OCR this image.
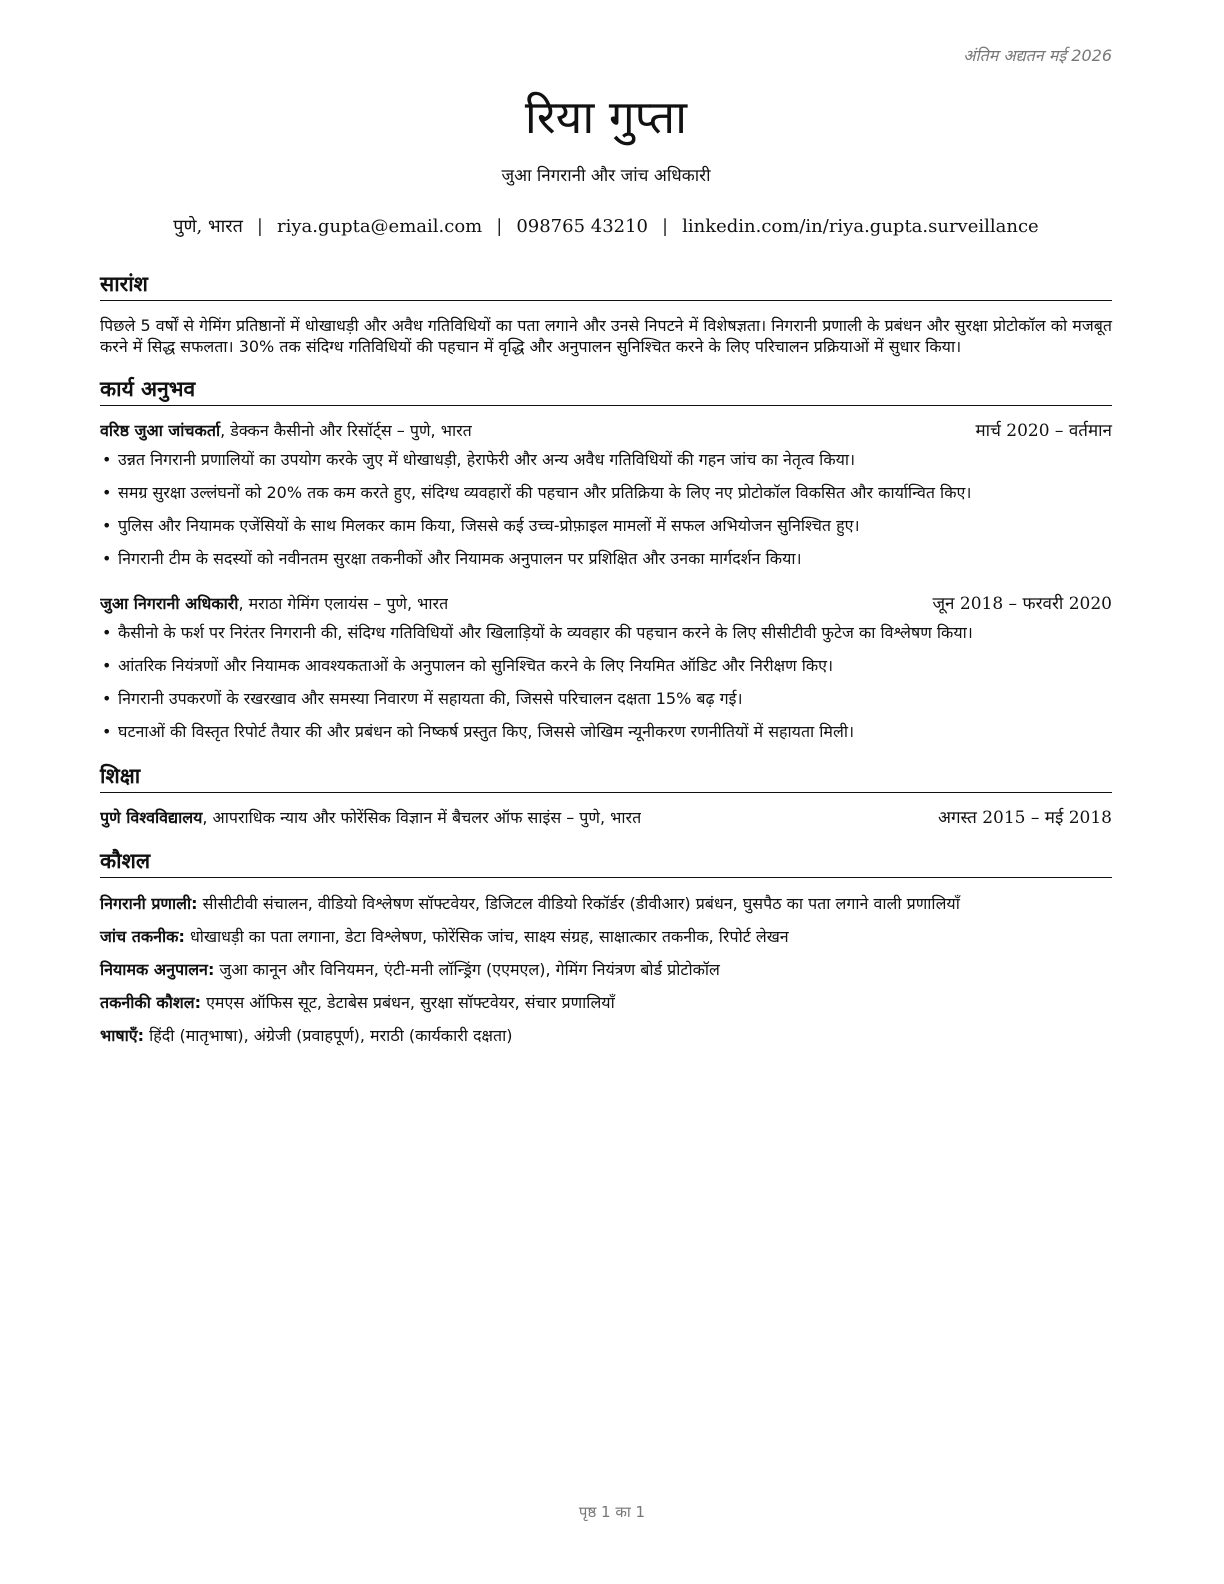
अंतिम अद्यतन मई 2026
रिया गुप्ता
जुआ निगरानी और जांच अधिकारी
पुणे, भारत | riya.gupta@email.com | 098765 43210 | linkedin.com/in/riya.gupta.surveillance
सारांश

पिछले 5 वर्षों से गेमिंग प्रतिष्ठानों में धोखाधड़ी और अवैध गतिविधियों का पता लगाने और उनसे निपटने में विशेषज्ञता। निगरानी प्रणाली के प्रबंधन और सुरक्षा प्रोटोकॉल को मजबूत करने में सिद्ध सफलता। 30% तक संदिग्ध गतिविधियों की पहचान में वृद्धि और अनुपालन सुनिश्चित करने के लिए परिचालन प्रक्रियाओं में सुधार किया।

कार्य अनुभव
वरिष्ठ जुआ जांचकर्ता, डेक्कन कैसीनो और रिसॉर्ट्स – पुणे, भारत	मार्च 2020 – वर्तमान
• उन्नत निगरानी प्रणालियों का उपयोग करके जुए में धोखाधड़ी, हेराफेरी और अन्य अवैध गतिविधियों की गहन जांच का नेतृत्व किया।
• समग्र सुरक्षा उल्लंघनों को 20% तक कम करते हुए, संदिग्ध व्यवहारों की पहचान और प्रतिक्रिया के लिए नए प्रोटोकॉल विकसित और कार्यान्वित किए।
• पुलिस और नियामक एजेंसियों के साथ मिलकर काम किया, जिससे कई उच्च-प्रोफ़ाइल मामलों में सफल अभियोजन सुनिश्चित हुए।
• निगरानी टीम के सदस्यों को नवीनतम सुरक्षा तकनीकों और नियामक अनुपालन पर प्रशिक्षित और उनका मार्गदर्शन किया।
जुआ निगरानी अधिकारी, मराठा गेमिंग एलायंस – पुणे, भारत	जून 2018 – फरवरी 2020
• कैसीनो के फर्श पर निरंतर निगरानी की, संदिग्ध गतिविधियों और खिलाड़ियों के व्यवहार की पहचान करने के लिए सीसीटीवी फुटेज का विश्लेषण किया।
• आंतरिक नियंत्रणों और नियामक आवश्यकताओं के अनुपालन को सुनिश्चित करने के लिए नियमित ऑडिट और निरीक्षण किए।
• निगरानी उपकरणों के रखरखाव और समस्या निवारण में सहायता की, जिससे परिचालन दक्षता 15% बढ़ गई।
• घटनाओं की विस्तृत रिपोर्ट तैयार की और प्रबंधन को निष्कर्ष प्रस्तुत किए, जिससे जोखिम न्यूनीकरण रणनीतियों में सहायता मिली।
शिक्षा
पुणे विश्वविद्यालय, आपराधिक न्याय और फोरेंसिक विज्ञान में बैचलर ऑफ साइंस – पुणे, भारत	अगस्त 2015 – मई 2018
कौशल
निगरानी प्रणाली: सीसीटीवी संचालन, वीडियो विश्लेषण सॉफ्टवेयर, डिजिटल वीडियो रिकॉर्डर (डीवीआर) प्रबंधन, घुसपैठ का पता लगाने वाली प्रणालियाँ
जांच तकनीक: धोखाधड़ी का पता लगाना, डेटा विश्लेषण, फोरेंसिक जांच, साक्ष्य संग्रह, साक्षात्कार तकनीक, रिपोर्ट लेखन
नियामक अनुपालन: जुआ कानून और विनियमन, एंटी-मनी लॉन्ड्रिंग (एएमएल), गेमिंग नियंत्रण बोर्ड प्रोटोकॉल
तकनीकी कौशल: एमएस ऑफिस सूट, डेटाबेस प्रबंधन, सुरक्षा सॉफ्टवेयर, संचार प्रणालियाँ
भाषाएँ: हिंदी (मातृभाषा), अंग्रेजी (प्रवाहपूर्ण), मराठी (कार्यकारी दक्षता)
पृष्ठ 1 का 1
